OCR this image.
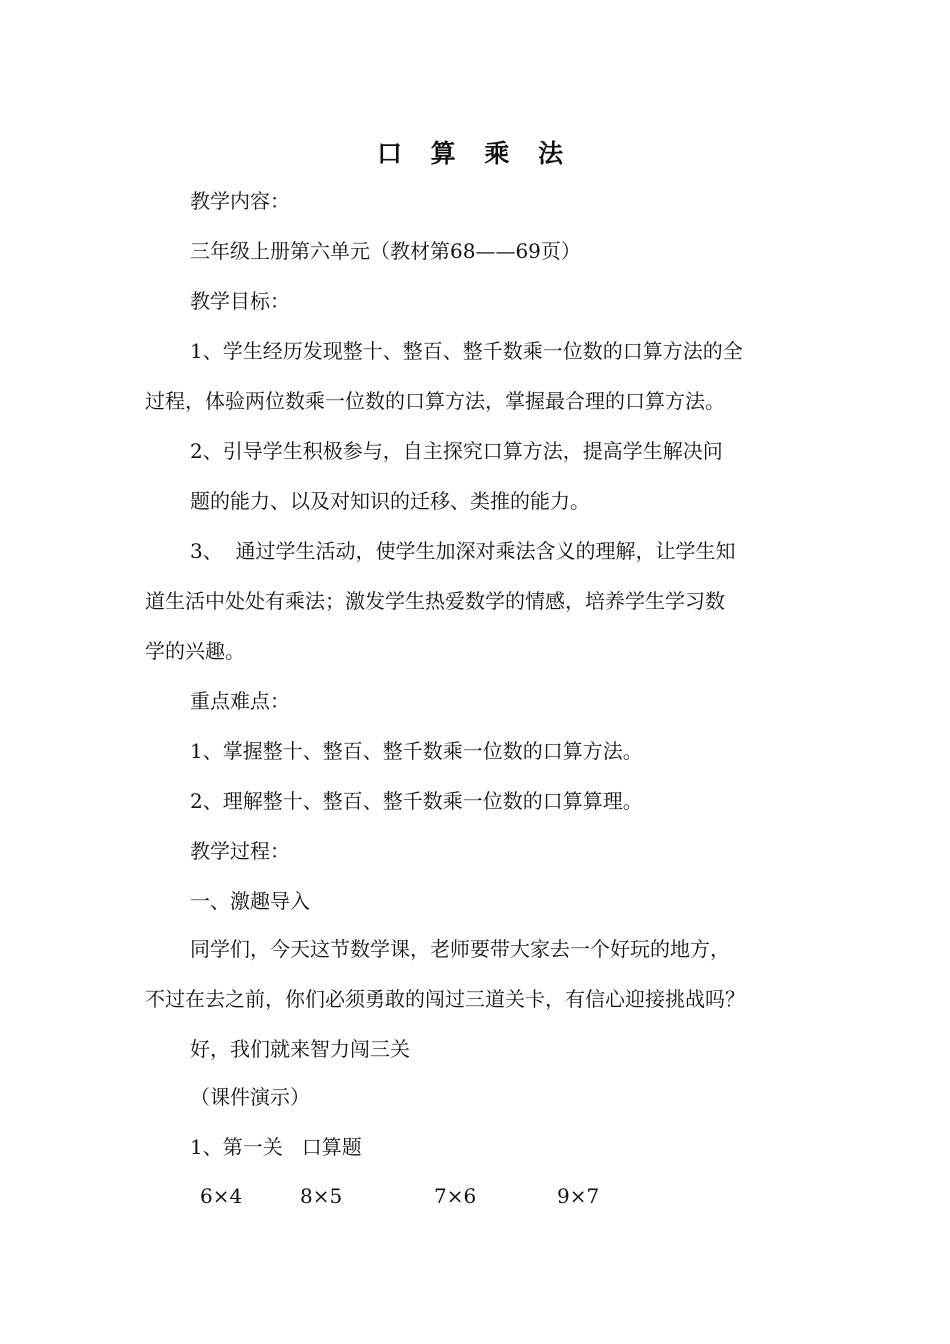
口 算 乘 法
教学内容：
三年级上册第六单元（教材第68——69页）
教学目标：
1、学生经历发现整十、整百、整千数乘一位数的口算方法的全
过程，体验两位数乘一位数的口算方法，掌握最合理的口算方法。
2、引导学生积极参与，自主探究口算方法，提高学生解决问
题的能力、以及对知识的迁移、类推的能力。
3、  通过学生活动，使学生加深对乘法含义的理解，让学生知
道生活中处处有乘法；激发学生热爱数学的情感，培养学生学习数
学的兴趣。
重点难点：
1、掌握整十、整百、整千数乘一位数的口算方法。
2、理解整十、整百、整千数乘一位数的口算算理。
教学过程：
一、激趣导入
同学们，今天这节数学课，老师要带大家去一个好玩的地方，
不过在去之前，你们必须勇敢的闯过三道关卡，有信心迎接挑战吗？
好，我们就来智力闯三关
（课件演示）
1、第一关   口算题
6×4	8×5	7×6	9×7
